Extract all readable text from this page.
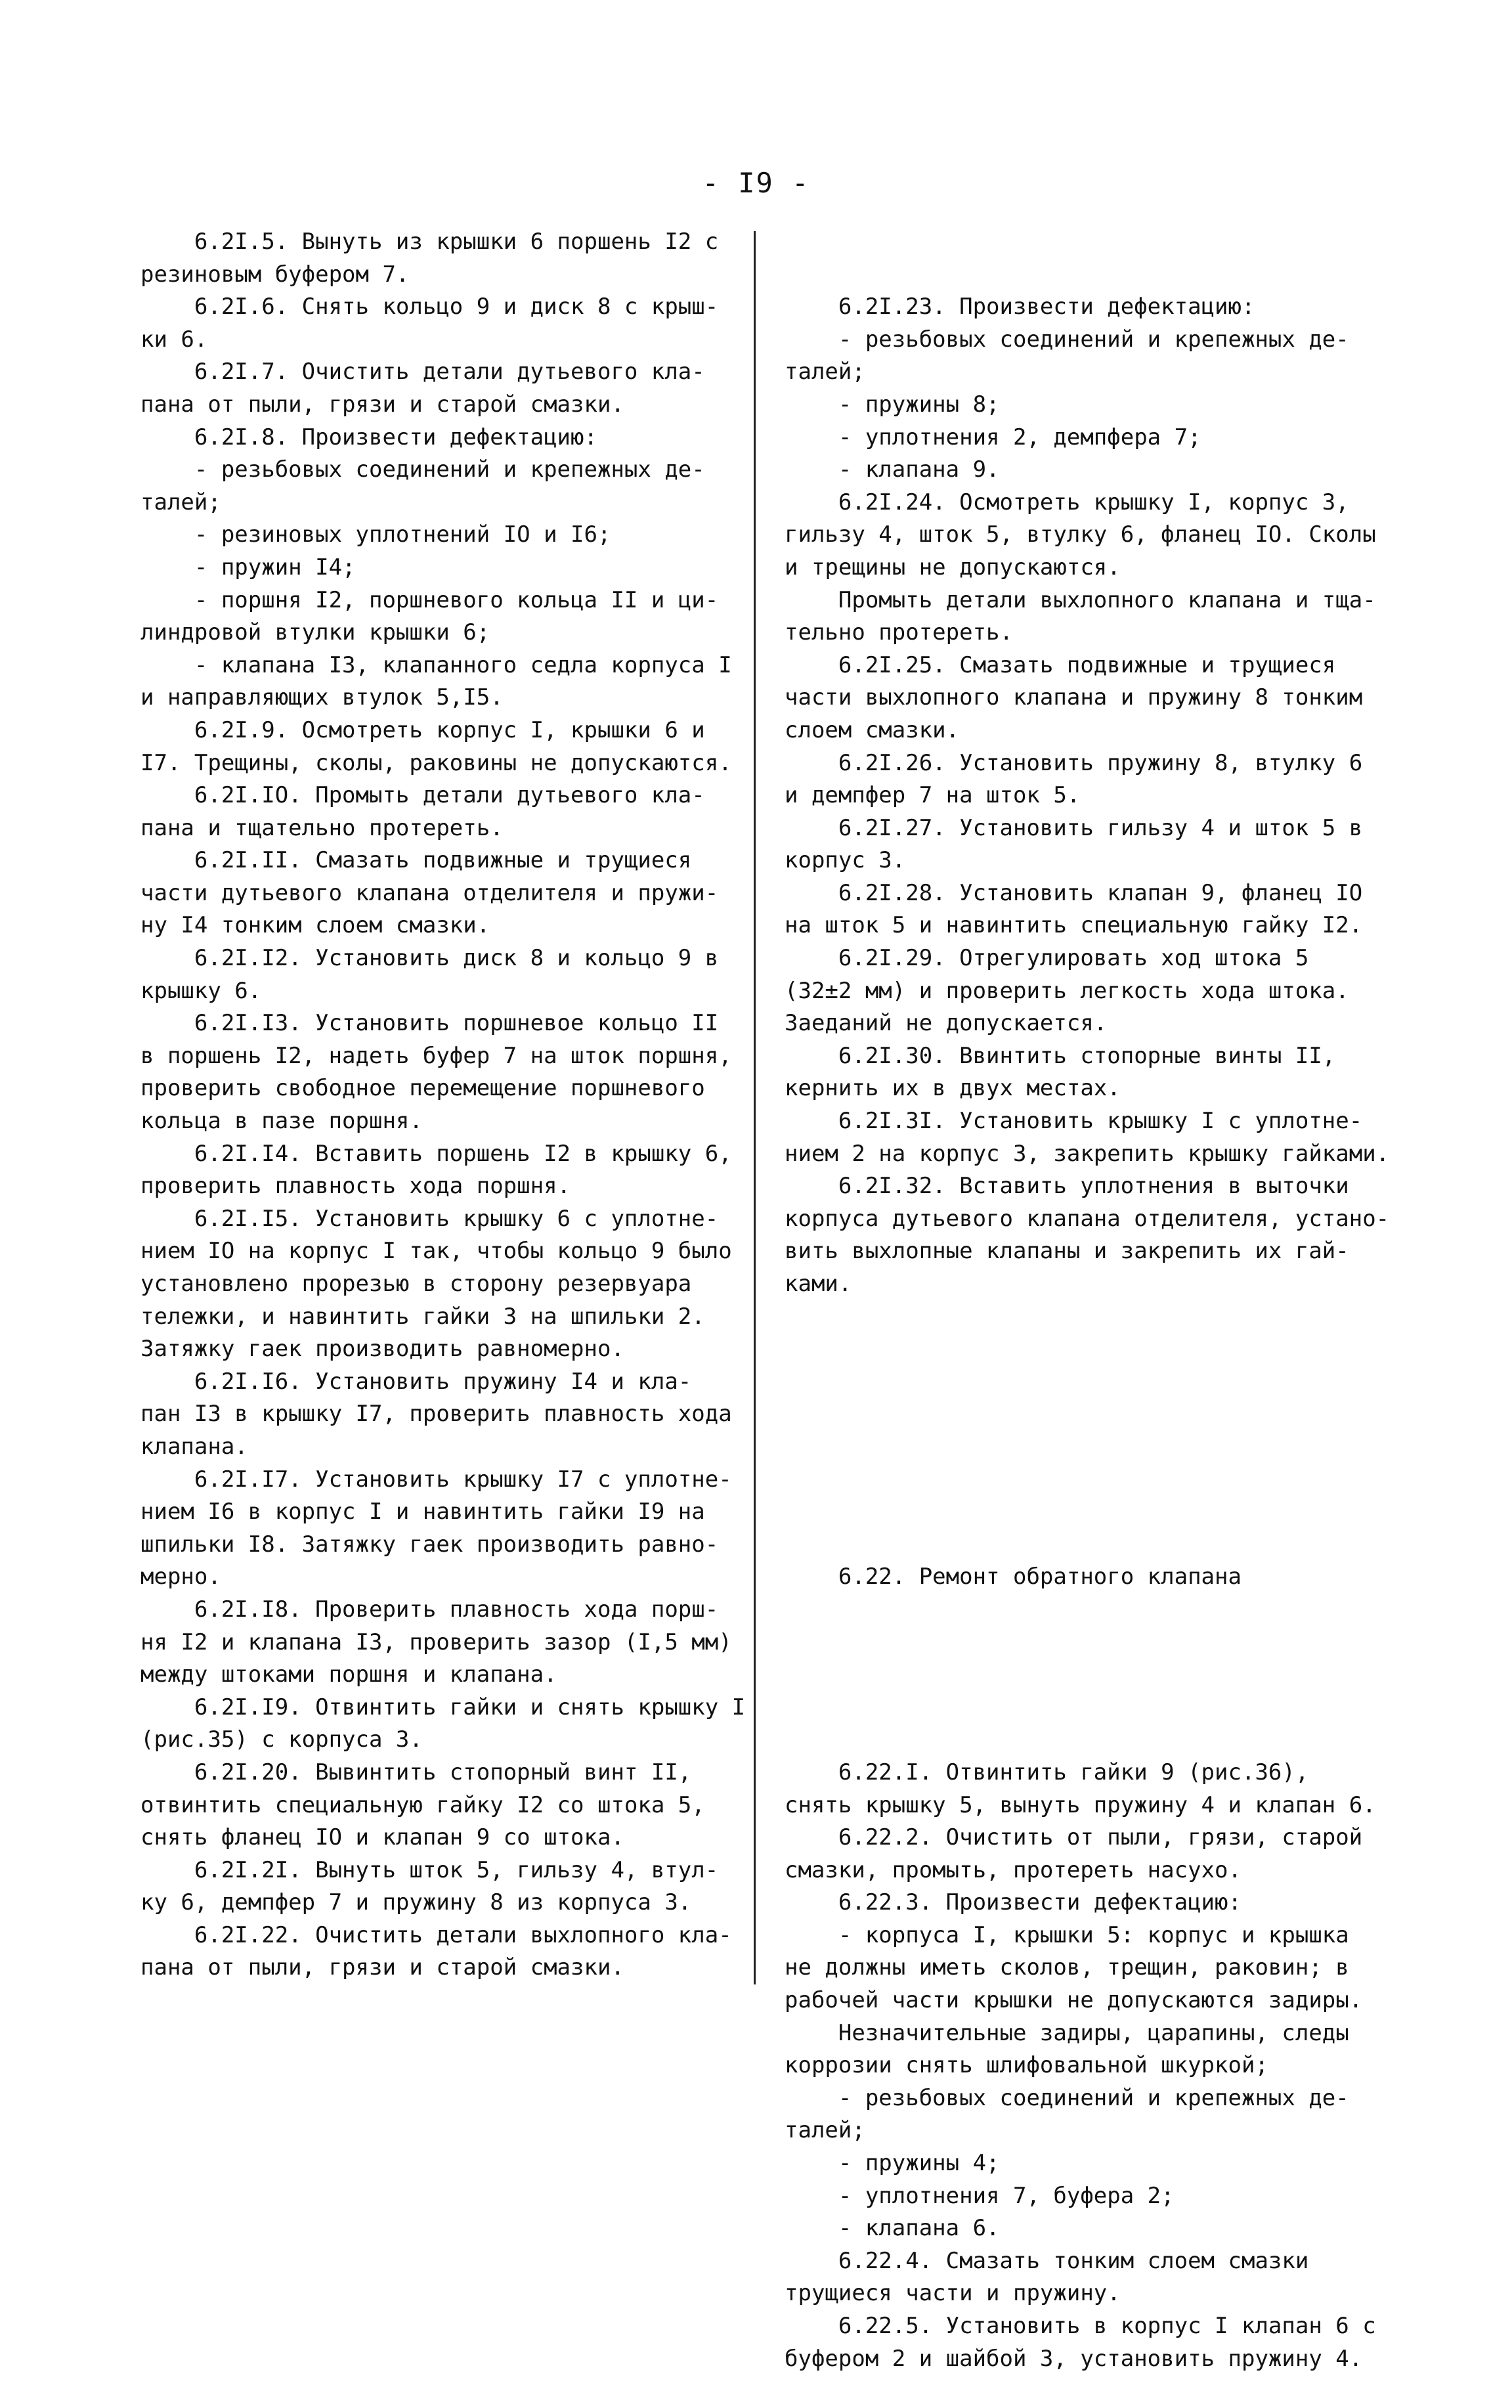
- I9 -
6.2I.5. Вынуть из крышки 6 поршень I2 с
резиновым буфером 7.
6.2I.6. Снять кольцо 9 и диск 8 с крыш-
ки 6.
6.2I.7. Очистить детали дутьевого кла-
пана от пыли, грязи и старой смазки.
6.2I.8. Произвести дефектацию:
- резьбовых соединений и крепежных де-
талей;
- резиновых уплотнений IO и I6;
- пружин I4;
- поршня I2, поршневого кольца II и ци-
линдровой втулки крышки 6;
- клапана I3, клапанного седла корпуса I
и направляющих втулок 5,I5.
6.2I.9. Осмотреть корпус I, крышки 6 и
I7. Трещины, сколы, раковины не допускаются.
6.2I.IO. Промыть детали дутьевого кла-
пана и тщательно протереть.
6.2I.II. Смазать подвижные и трущиеся
части дутьевого клапана отделителя и пружи-
ну I4 тонким слоем смазки.
6.2I.I2. Установить диск 8 и кольцо 9 в
крышку 6.
6.2I.I3. Установить поршневое кольцо II
в поршень I2, надеть буфер 7 на шток поршня,
проверить свободное перемещение поршневого
кольца в пазе поршня.
6.2I.I4. Вставить поршень I2 в крышку 6,
проверить плавность хода поршня.
6.2I.I5. Установить крышку 6 с уплотне-
нием IO на корпус I так, чтобы кольцо 9 было
установлено прорезью в сторону резервуара
тележки, и навинтить гайки 3 на шпильки 2.
Затяжку гаек производить равномерно.
6.2I.I6. Установить пружину I4 и кла-
пан I3 в крышку I7, проверить плавность хода
клапана.
6.2I.I7. Установить крышку I7 с уплотне-
нием I6 в корпус I и навинтить гайки I9 на
шпильки I8. Затяжку гаек производить равно-
мерно.
6.2I.I8. Проверить плавность хода порш-
ня I2 и клапана I3, проверить зазор (I,5 мм)
между штоками поршня и клапана.
6.2I.I9. Отвинтить гайки и снять крышку I
(рис.35) с корпуса 3.
6.2I.20. Вывинтить стопорный винт II,
отвинтить специальную гайку I2 со штока 5,
снять фланец IO и клапан 9 со штока.
6.2I.2I. Вынуть шток 5, гильзу 4, втул-
ку 6, демпфер 7 и пружину 8 из корпуса 3.
6.2I.22. Очистить детали выхлопного кла-
пана от пыли, грязи и старой смазки.

6.2I.23. Произвести дефектацию:
- резьбовых соединений и крепежных де-
талей;
- пружины 8;
- уплотнения 2, демпфера 7;
- клапана 9.
6.2I.24. Осмотреть крышку I, корпус 3,
гильзу 4, шток 5, втулку 6, фланец IO. Сколы
и трещины не допускаются.
Промыть детали выхлопного клапана и тща-
тельно протереть.
6.2I.25. Смазать подвижные и трущиеся
части выхлопного клапана и пружину 8 тонким
слоем смазки.
6.2I.26. Установить пружину 8, втулку 6
и демпфер 7 на шток 5.
6.2I.27. Установить гильзу 4 и шток 5 в
корпус 3.
6.2I.28. Установить клапан 9, фланец IO
на шток 5 и навинтить специальную гайку I2.
6.2I.29. Отрегулировать ход штока 5
(32±2 мм) и проверить легкость хода штока.
Заеданий не допускается.
6.2I.30. Ввинтить стопорные винты II,
кернить их в двух местах.
6.2I.3I. Установить крышку I с уплотне-
нием 2 на корпус 3, закрепить крышку гайками.
6.2I.32. Вставить уплотнения в выточки
корпуса дутьевого клапана отделителя, устано-
вить выхлопные клапаны и закрепить их гай-
ками.

6.22. Ремонт обратного клапана

6.22.I. Отвинтить гайки 9 (рис.36),
снять крышку 5, вынуть пружину 4 и клапан 6.
6.22.2. Очистить от пыли, грязи, старой
смазки, промыть, протереть насухо.
6.22.3. Произвести дефектацию:
- корпуса I, крышки 5: корпус и крышка
не должны иметь сколов, трещин, раковин; в
рабочей части крышки не допускаются задиры.
Незначительные задиры, царапины, следы
коррозии снять шлифовальной шкуркой;
- резьбовых соединений и крепежных де-
талей;
- пружины 4;
- уплотнения 7, буфера 2;
- клапана 6.
6.22.4. Смазать тонким слоем смазки
трущиеся части и пружину.
6.22.5. Установить в корпус I клапан 6 с
буфером 2 и шайбой 3, установить пружину 4.
